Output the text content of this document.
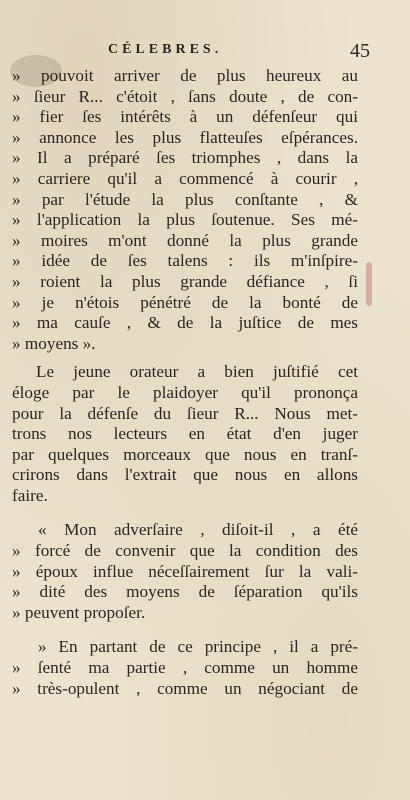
CÉLEBRES.	45
» pouvoit arriver de plus heureux au
» ſieur R... c'étoit , ſans doute , de con-
» fier ſes intérêts à un défenſeur qui
» annonce les plus flatteuſes eſpérances.
» Il a préparé ſes triomphes , dans la
» carriere qu'il a commencé à courir ,
» par l'étude la plus conſtante , &
» l'application la plus ſoutenue. Ses mé-
» moires m'ont donné la plus grande
» idée de ſes talens : ils m'inſpire-
» roient la plus grande défiance , ſi
» je n'étois pénétré de la bonté de
» ma cauſe , & de la juſtice de mes
» moyens ».
Le jeune orateur a bien juſtifié cet
éloge par le plaidoyer qu'il prononça
pour la défenſe du ſieur R... Nous met-
trons nos lecteurs en état d'en juger
par quelques morceaux que nous en tranſ-
crirons dans l'extrait que nous en allons
faire.
« Mon adverſaire , diſoit-il , a été
» forcé de convenir que la condition des
» époux influe néceſſairement ſur la vali-
» dité des moyens de ſéparation qu'ils
» peuvent propoſer.
» En partant de ce principe , il a pré-
» ſenté ma partie , comme un homme
» très-opulent , comme un négociant de
